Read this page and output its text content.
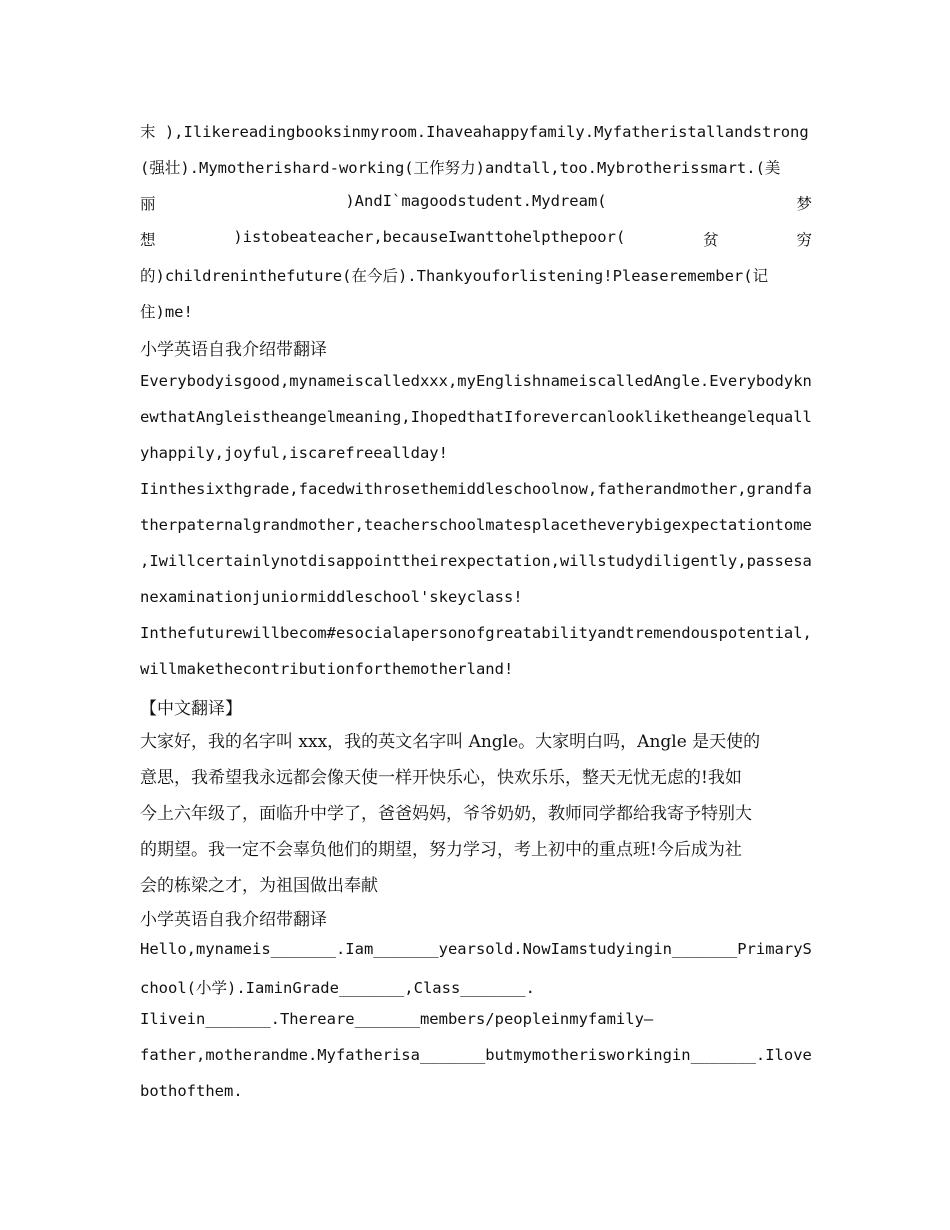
末 ),Ilikereadingbooksinmyroom.Ihaveahappyfamily.Myfatheristallandstrong
(强壮).Mymotherishard-working(工作努力)andtall,too.Mybrotherissmart.(美
丽	)AndI`magoodstudent.Mydream(	梦
想	)istobeateacher,becauseIwanttohelpthepoor(	贫	穷
的)childreninthefuture(在今后).Thankyouforlistening!Pleaseremember(记
住)me!
小学英语自我介绍带翻译
Everybodyisgood,mynameiscalledxxx,myEnglishnameiscalledAngle.Everybodykn
ewthatAngleistheangelmeaning,IhopedthatIforevercanlookliketheangelequall
yhappily,joyful,iscarefreeallday!
Iinthesixthgrade,facedwithrosethemiddleschoolnow,fatherandmother,grandfa
therpaternalgrandmother,teacherschoolmatesplacetheverybigexpectationtome
,Iwillcertainlynotdisappointtheirexpectation,willstudydiligently,passesa
nexaminationjuniormiddleschool'skeyclass!
Inthefuturewillbecom#esocialapersonofgreatabilityandtremendouspotential,
willmakethecontributionforthemotherland!
【中文翻译】
大家好，我的名字叫 xxx，我的英文名字叫 Angle。大家明白吗，Angle 是天使的
意思，我希望我永远都会像天使一样开快乐心，快欢乐乐，整天无忧无虑的!我如
今上六年级了，面临升中学了，爸爸妈妈，爷爷奶奶，教师同学都给我寄予特别大
的期望。我一定不会辜负他们的期望，努力学习，考上初中的重点班!今后成为社
会的栋梁之才，为祖国做出奉献
小学英语自我介绍带翻译
Hello,mynameis_______.Iam_______yearsold.NowIamstudyingin_______PrimaryS
chool(小学).IaminGrade_______,Class_______.
Ilivein_______.Thereare_______members/peopleinmyfamily—
father,motherandme.Myfatherisa_______butmymotherisworkingin_______.Ilove
bothofthem.
